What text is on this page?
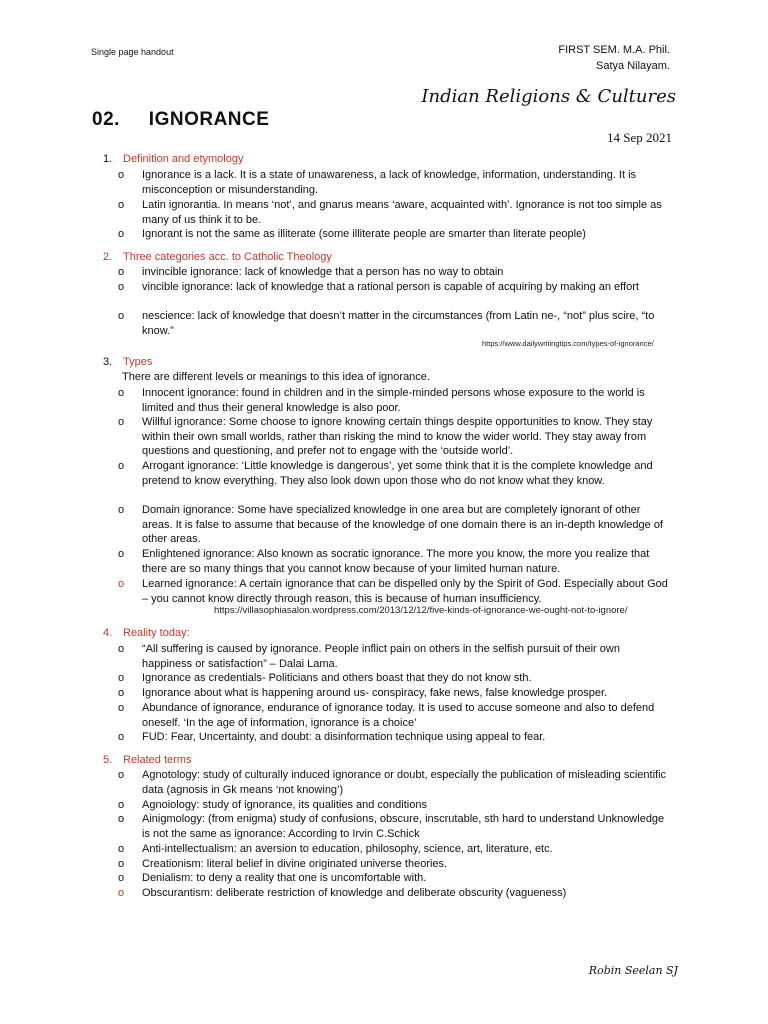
Single page handout	FIRST SEM. M.A. Phil.
Satya Nilayam.
Indian Religions & Cultures
02.     IGNORANCE
14 Sep 2021
1. Definition and etymology
o	Ignorance is a lack. It is a state of unawareness, a lack of knowledge, information, understanding. It is misconception or misunderstanding.
o	Latin ignorantia. In means ‘not’, and gnarus means ‘aware, acquainted with’. Ignorance is not too simple as many of us think it to be.
o	Ignorant is not the same as illiterate (some illiterate people are smarter than literate people)
2. Three categories acc. to Catholic Theology
o	invincible ignorance: lack of knowledge that a person has no way to obtain
o	vincible ignorance: lack of knowledge that a rational person is capable of acquiring by making an effort
o	nescience: lack of knowledge that doesn’t matter in the circumstances (from Latin ne-, “not” plus scire, “to know.”
https://www.dailywritingtips.com/types-of-ignorance/
3. Types
There are different levels or meanings to this idea of ignorance.
o	Innocent ignorance: found in children and in the simple-minded persons whose exposure to the world is limited and thus their general knowledge is also poor.
o	Willful ignorance: Some choose to ignore knowing certain things despite opportunities to know. They stay within their own small worlds, rather than risking the mind to know the wider world. They stay away from questions and questioning, and prefer not to engage with the ‘outside world’.
o	Arrogant ignorance: ‘Little knowledge is dangerous’, yet some think that it is the complete knowledge and pretend to know everything. They also look down upon those who do not know what they know.
o	Domain ignorance: Some have specialized knowledge in one area but are completely ignorant of other areas. It is false to assume that because of the knowledge of one domain there is an in-depth knowledge of other areas.
o	Enlightened ignorance: Also known as socratic ignorance. The more you know, the more you realize that there are so many things that you cannot know because of your limited human nature.
o	Learned ignorance: A certain ignorance that can be dispelled only by the Spirit of God. Especially about God – you cannot know directly through reason, this is because of human insufficiency.
https://villasophiasalon.wordpress.com/2013/12/12/five-kinds-of-ignorance-we-ought-not-to-ignore/
4. Reality today:
o	“All suffering is caused by ignorance. People inflict pain on others in the selfish pursuit of their own happiness or satisfaction” – Dalai Lama.
o	Ignorance as credentials- Politicians and others boast that they do not know sth.
o	Ignorance about what is happening around us- conspiracy, fake news, false knowledge prosper.
o	Abundance of ignorance, endurance of ignorance today. It is used to accuse someone and also to defend oneself. ‘In the age of information, ignorance is a choice’
o	FUD: Fear, Uncertainty, and doubt: a disinformation technique using appeal to fear.
5. Related terms
o	Agnotology: study of culturally induced ignorance or doubt, especially the publication of misleading scientific data (agnosis in Gk means ‘not knowing’)
o	Agnoiology: study of ignorance, its qualities and conditions
o	Ainigmology: (from enigma) study of confusions, obscure, inscrutable, sth hard to understand Unknowledge is not the same as ignorance: According to Irvin C.Schick
o	Anti-intellectualism: an aversion to education, philosophy, science, art, literature, etc.
o	Creationism: literal belief in divine originated universe theories.
o	Denialism: to deny a reality that one is uncomfortable with.
o	Obscurantism: deliberate restriction of knowledge and deliberate obscurity (vagueness)
Robin Seelan SJ
